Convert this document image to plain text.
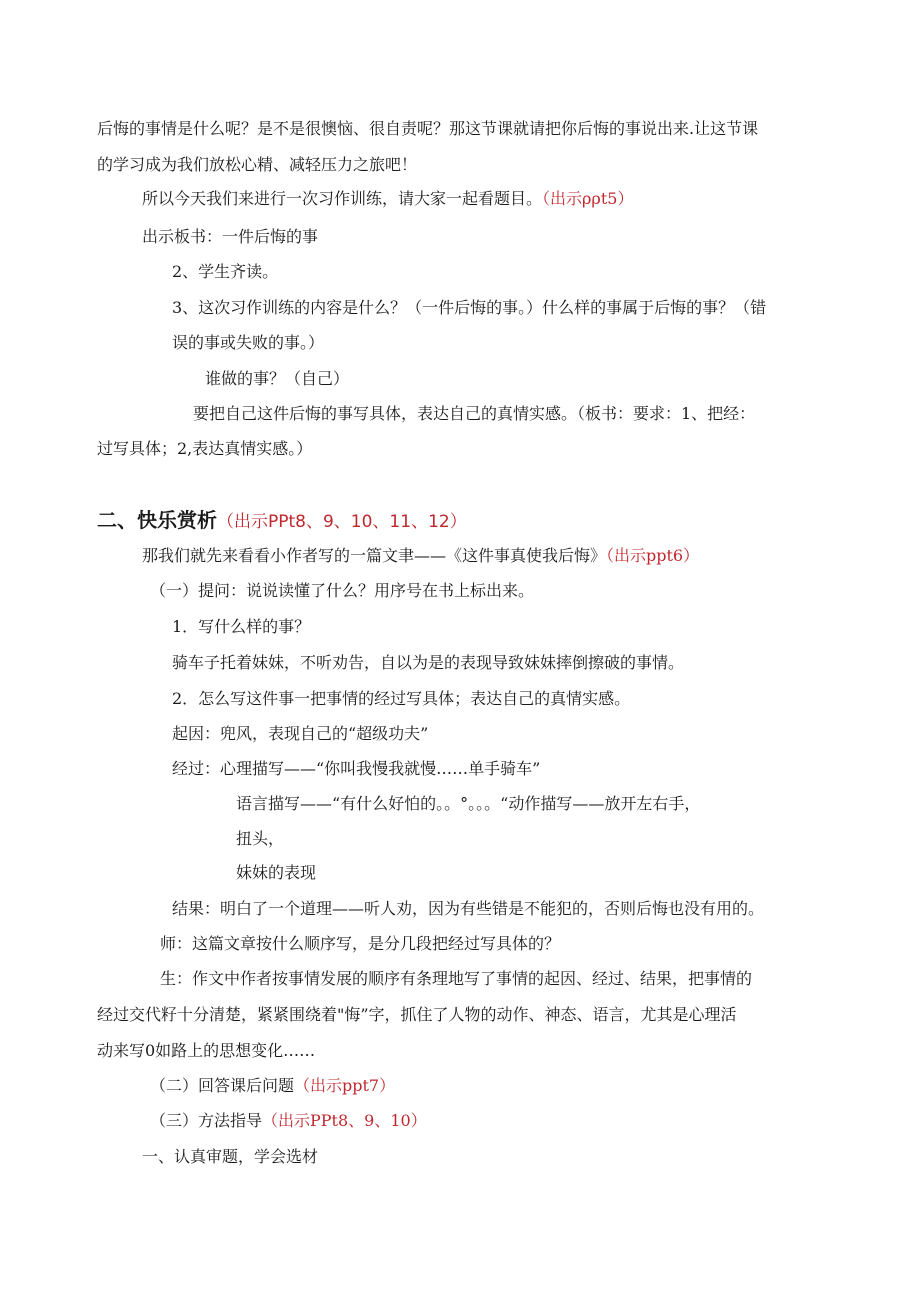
后悔的事情是什么呢？是不是很懊恼、很自责呢？那这节课就请把你后悔的事说出来.让这节课
的学习成为我们放松心精、减轻压力之旅吧！
所以今天我们来进行一次习作训练，请大家一起看题目。（出示ρρt5）
出示板书：一件后悔的事
2、学生齐读。
3、这次习作训练的内容是什么？（一件后悔的事。）什么样的事属于后悔的事？（错
误的事或失败的事。）
谁做的事？（自己）
要把自己这件后悔的事写具体，表达自己的真情实感。（板书：要求：1、把经：
过写具体；2,表达真情实感。）
二、快乐赏析（出示PPt8、9、10、11、12）
那我们就先来看看小作者写的一篇文聿——《这件事真使我后悔》（出示ppt6）
（一）提问：说说读懂了什么？用序号在书上标出来。
1．写什么样的事？
骑车子托着妹妹，不听劝告，自以为是的表现导致妹妹摔倒擦破的事情。
2．怎么写这件事一把事情的经过写具体；表达自己的真情实感。
起因：兜风，表现自己的“超级功夫”
经过：心理描写——“你叫我慢我就慢……单手骑车”
语言描写——“有什么好怕的。。°。。。“动作描写——放开左右手，
扭头，
妹妹的表现
结果：明白了一个道理——听人劝，因为有些错是不能犯的，否则后悔也没有用的。
师：这篇文章按什么顺序写，是分几段把经过写具体的？
生：作文中作者按事情发展的顺序有条理地写了事情的起因、经过、结果，把事情的
经过交代籽十分清楚，紧紧围绕着"悔”字，抓住了人物的动作、神态、语言，尤其是心理活
动来写0如路上的思想变化……
（二）回答课后问题（出示ppt7）
（三）方法指导（出示PPt8、9、10）
一、认真审题，学会选材
